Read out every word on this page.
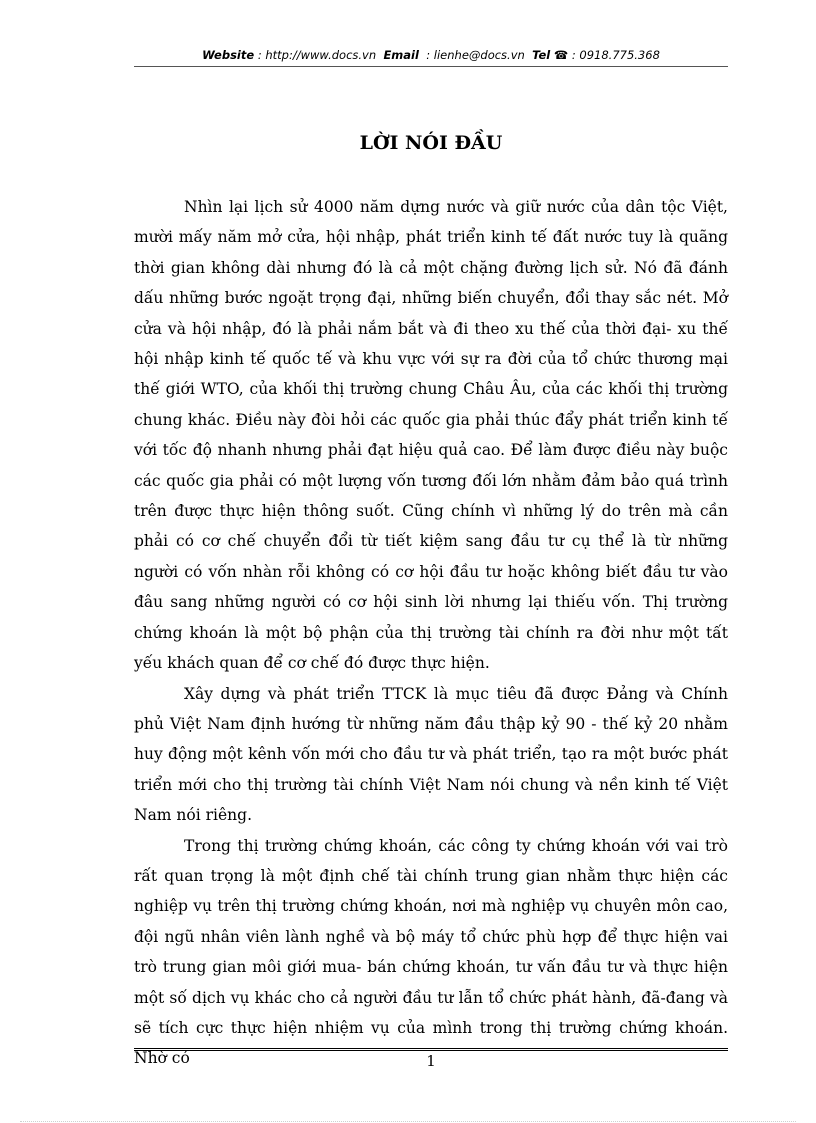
Website : http://www.docs.vn Email : lienhe@docs.vn Tel ☎ : 0918.775.368
LỜI NÓI ĐẦU

Nhìn lại lịch sử 4000 năm dựng nước và giữ nước của dân tộc Việt, mười mấy năm mở cửa, hội nhập, phát triển kinh tế đất nước tuy là quãng thời gian không dài nhưng đó là cả một chặng đường lịch sử. Nó đã đánh dấu những bước ngoặt trọng đại, những biến chuyển, đổi thay sắc nét. Mở cửa và hội nhập, đó là phải nắm bắt và đi theo xu thế của thời đại- xu thế hội nhập kinh tế quốc tế và khu vực với sự ra đời của tổ chức thương mại thế giới WTO, của khối thị trường chung Châu Âu, của các khối thị trường chung khác. Điều này đòi hỏi các quốc gia phải thúc đẩy phát triển kinh tế với tốc độ nhanh nhưng phải đạt hiệu quả cao. Để làm được điều này buộc các quốc gia phải có một lượng vốn tương đối lớn nhằm đảm bảo quá trình trên được thực hiện thông suốt. Cũng chính vì những lý do trên mà cần phải có cơ chế chuyển đổi từ tiết kiệm sang đầu tư cụ thể là từ những người có vốn nhàn rỗi không có cơ hội đầu tư hoặc không biết đầu tư vào đâu sang những người có cơ hội sinh lời nhưng lại thiếu vốn. Thị trường chứng khoán là một bộ phận của thị trường tài chính ra đời như một tất yếu khách quan để cơ chế đó được thực hiện.

Xây dựng và phát triển TTCK là mục tiêu đã được Đảng và Chính phủ Việt Nam định hướng từ những năm đầu thập kỷ 90 - thế kỷ 20 nhằm huy động một kênh vốn mới cho đầu tư và phát triển, tạo ra một bước phát triển mới cho thị trường tài chính Việt Nam nói chung và nền kinh tế Việt Nam nói riêng.

Trong thị trường chứng khoán, các công ty chứng khoán với vai trò rất quan trọng là một định chế tài chính trung gian nhằm thực hiện các nghiệp vụ trên thị trường chứng khoán, nơi mà nghiệp vụ chuyên môn cao, đội ngũ nhân viên lành nghề và bộ máy tổ chức phù hợp để thực hiện vai trò trung gian môi giới mua- bán chứng khoán, tư vấn đầu tư và thực hiện một số dịch vụ khác cho cả người đầu tư lẫn tổ chức phát hành, đã-đang và sẽ tích cực thực hiện nhiệm vụ của mình trong thị trường chứng khoán. Nhờ có	1
